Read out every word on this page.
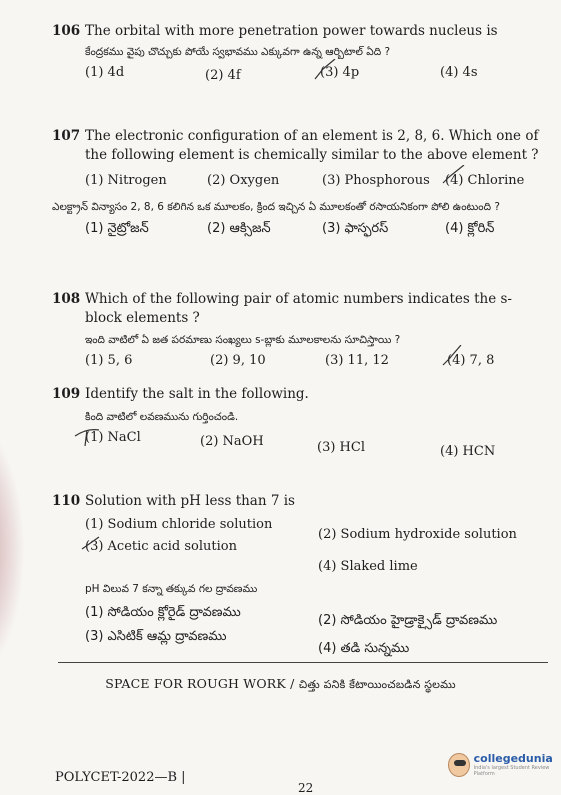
106 The orbital with more penetration power towards nucleus is
కేంద్రకము వైపు చొచ్చుకు పోయే స్వభావము ఎక్కువగా ఉన్న ఆర్బిటాల్ ఏది ?
(1) 4d	(2) 4f	(3) 4p	(4) 4s
107 The electronic configuration of an element is 2, 8, 6. Which one of the following element is chemically similar to the above element ?
(1) Nitrogen	(2) Oxygen	(3) Phosphorous (4) Chlorine
ఎలక్ట్రాన్ విన్యాసం 2, 8, 6 కలిగిన ఒక మూలకం, క్రింద ఇచ్చిన ఏ మూలకంతో రసాయనికంగా పోలి ఉంటుంది ?
(1) నైట్రోజన్	(2) ఆక్సిజన్	(3) ఫాస్ఫరస్	(4) క్లోరిన్
108 Which of the following pair of atomic numbers indicates the s-block elements ?
ఇంది వాటిలో ఏ జత పరమాణు సంఖ్యలు s-బ్లాకు మూలకాలను సూచిస్తాయి ?
(1) 5, 6	(2) 9, 10	(3) 11, 12	(4) 7, 8
109 Identify the salt in the following.
కింది వాటిలో లవణమును గుర్తించండి.
(1) NaCl	(2) NaOH	(3) HCl	(4) HCN
110 Solution with pH less than 7 is
(1) Sodium chloride solution
(2) Sodium hydroxide solution
(3) Acetic acid solution
(4) Slaked lime
pH విలువ 7 కన్నా తక్కువ గల ద్రావణము
(1) సోడియం క్లోరైడ్ ద్రావణము
(2) సోడియం హైడ్రాక్సైడ్ ద్రావణము
(3) ఎసిటిక్ ఆమ్ల ద్రావణము
(4) తడి సున్నము
SPACE FOR ROUGH WORK / చిత్తు పనికి కేటాయించబడిన స్థలము
collegedunia
India's largest Student Review Platform
POLYCET-2022—B |
22
